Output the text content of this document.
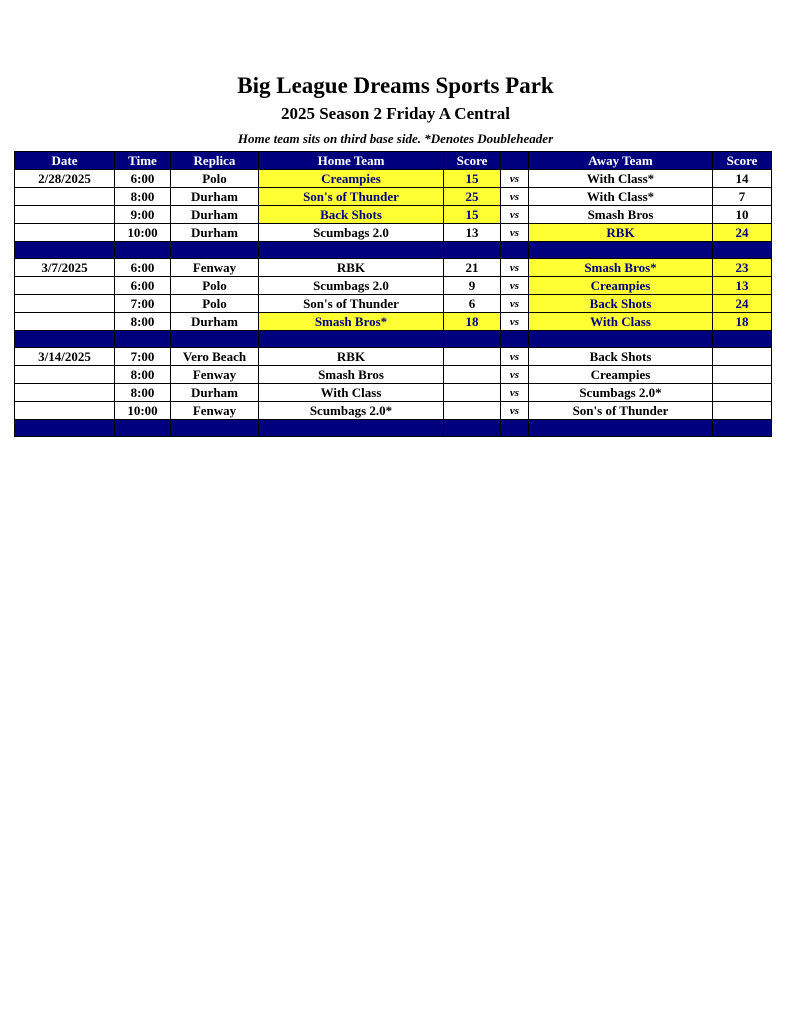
Big League Dreams Sports Park
2025 Season 2 Friday A Central
Home team sits on third base side. *Denotes Doubleheader
Date	Time	Replica	Home Team	Score		Away Team	Score
2/28/2025	6:00	Polo	Creampies	15	vs	With Class*	14
	8:00	Durham	Son's of Thunder	25	vs	With Class*	7
	9:00	Durham	Back Shots	15	vs	Smash Bros	10
	10:00	Durham	Scumbags 2.0	13	vs	RBK	24

3/7/2025	6:00	Fenway	RBK	21	vs	Smash Bros*	23
	6:00	Polo	Scumbags 2.0	9	vs	Creampies	13
	7:00	Polo	Son's of Thunder	6	vs	Back Shots	24
	8:00	Durham	Smash Bros*	18	vs	With Class	18

3/14/2025	7:00	Vero Beach	RBK		vs	Back Shots	
	8:00	Fenway	Smash Bros		vs	Creampies	
	8:00	Durham	With Class		vs	Scumbags 2.0*	
	10:00	Fenway	Scumbags 2.0*		vs	Son's of Thunder	
